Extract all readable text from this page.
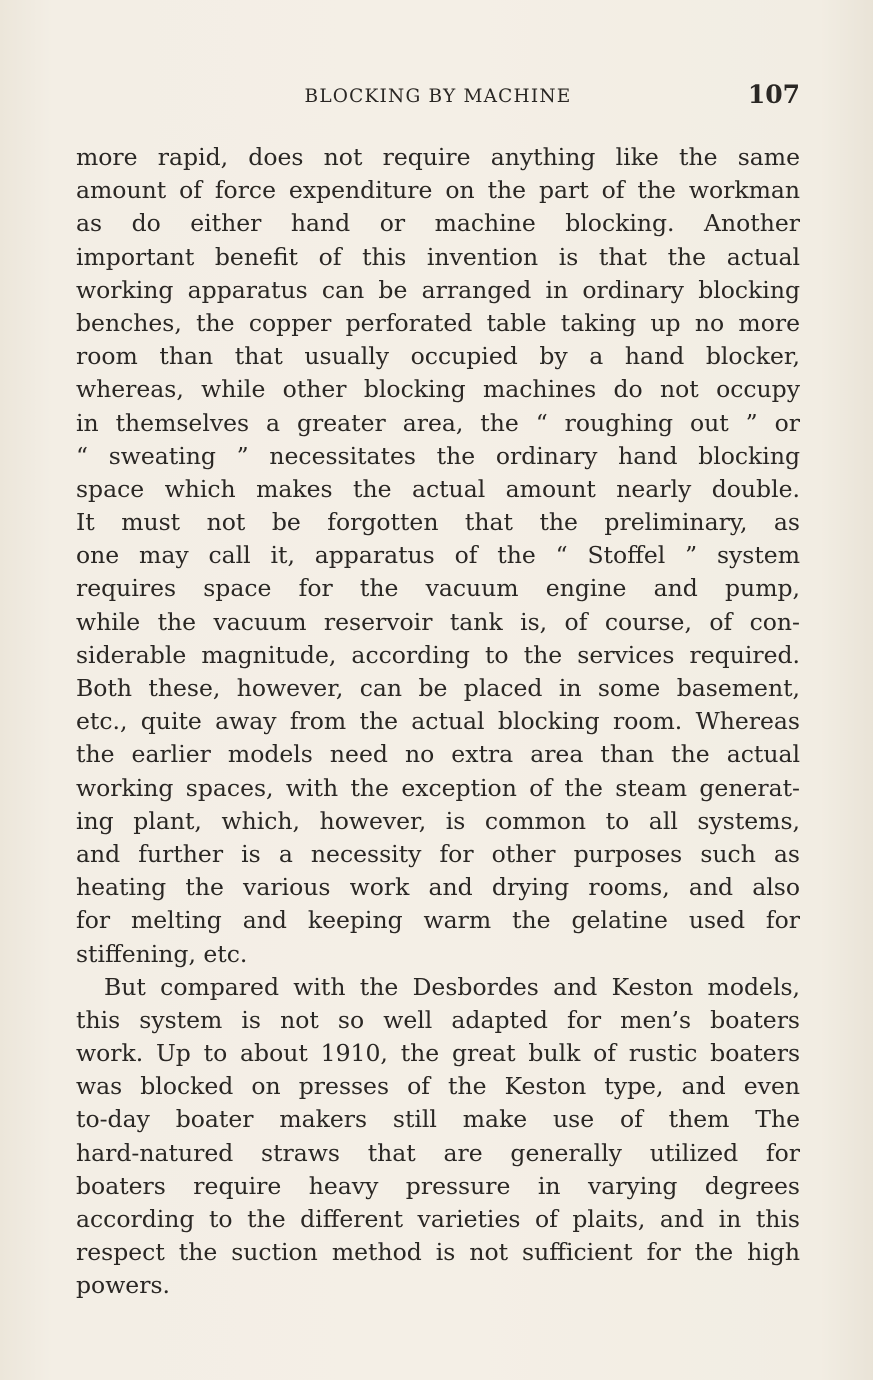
BLOCKING BY MACHINE	107
more rapid, does not require anything like the same
amount of force expenditure on the part of the workman
as do either hand or machine blocking. Another
important benefit of this invention is that the actual
working apparatus can be arranged in ordinary blocking
benches, the copper perforated table taking up no more
room than that usually occupied by a hand blocker,
whereas, while other blocking machines do not occupy
in themselves a greater area, the “ roughing out ” or
“ sweating ” necessitates the ordinary hand blocking
space which makes the actual amount nearly double.
It must not be forgotten that the preliminary, as
one may call it, apparatus of the “ Stoffel ” system
requires space for the vacuum engine and pump,
while the vacuum reservoir tank is, of course, of con-
siderable magnitude, according to the services required.
Both these, however, can be placed in some basement,
etc., quite away from the actual blocking room. Whereas
the earlier models need no extra area than the actual
working spaces, with the exception of the steam generat-
ing plant, which, however, is common to all systems,
and further is a necessity for other purposes such as
heating the various work and drying rooms, and also
for melting and keeping warm the gelatine used for
stiffening, etc.
But compared with the Desbordes and Keston models,
this system is not so well adapted for men’s boaters
work. Up to about 1910, the great bulk of rustic boaters
was blocked on presses of the Keston type, and even
to-day boater makers still make use of them The
hard-natured straws that are generally utilized for
boaters require heavy pressure in varying degrees
according to the different varieties of plaits, and in this
respect the suction method is not sufficient for the high
powers.
